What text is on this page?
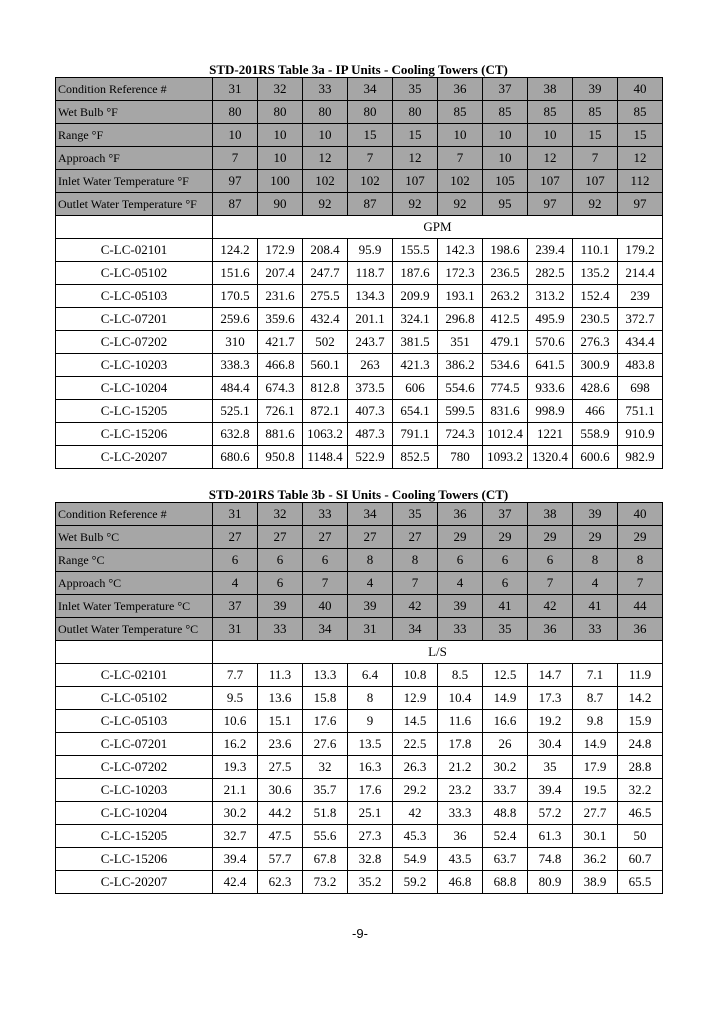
STD-201RS Table 3a - IP Units - Cooling Towers (CT)
Condition Reference #	31	32	33	34	35	36	37	38	39	40
Wet Bulb °F	80	80	80	80	80	85	85	85	85	85
Range °F	10	10	10	15	15	10	10	10	15	15
Approach °F	7	10	12	7	12	7	10	12	7	12
Inlet Water Temperature °F	97	100	102	102	107	102	105	107	107	112
Outlet Water Temperature °F	87	90	92	87	92	92	95	97	92	97
	GPM									
C-LC-02101	124.2	172.9	208.4	95.9	155.5	142.3	198.6	239.4	110.1	179.2
C-LC-05102	151.6	207.4	247.7	118.7	187.6	172.3	236.5	282.5	135.2	214.4
C-LC-05103	170.5	231.6	275.5	134.3	209.9	193.1	263.2	313.2	152.4	239
C-LC-07201	259.6	359.6	432.4	201.1	324.1	296.8	412.5	495.9	230.5	372.7
C-LC-07202	310	421.7	502	243.7	381.5	351	479.1	570.6	276.3	434.4
C-LC-10203	338.3	466.8	560.1	263	421.3	386.2	534.6	641.5	300.9	483.8
C-LC-10204	484.4	674.3	812.8	373.5	606	554.6	774.5	933.6	428.6	698
C-LC-15205	525.1	726.1	872.1	407.3	654.1	599.5	831.6	998.9	466	751.1
C-LC-15206	632.8	881.6	1063.2	487.3	791.1	724.3	1012.4	1221	558.9	910.9
C-LC-20207	680.6	950.8	1148.4	522.9	852.5	780	1093.2	1320.4	600.6	982.9
STD-201RS Table 3b - SI Units - Cooling Towers (CT)
Condition Reference #	31	32	33	34	35	36	37	38	39	40
Wet Bulb °C	27	27	27	27	27	29	29	29	29	29
Range °C	6	6	6	8	8	6	6	6	8	8
Approach °C	4	6	7	4	7	4	6	7	4	7
Inlet Water Temperature °C	37	39	40	39	42	39	41	42	41	44
Outlet Water Temperature °C	31	33	34	31	34	33	35	36	33	36
	L/S									
C-LC-02101	7.7	11.3	13.3	6.4	10.8	8.5	12.5	14.7	7.1	11.9
C-LC-05102	9.5	13.6	15.8	8	12.9	10.4	14.9	17.3	8.7	14.2
C-LC-05103	10.6	15.1	17.6	9	14.5	11.6	16.6	19.2	9.8	15.9
C-LC-07201	16.2	23.6	27.6	13.5	22.5	17.8	26	30.4	14.9	24.8
C-LC-07202	19.3	27.5	32	16.3	26.3	21.2	30.2	35	17.9	28.8
C-LC-10203	21.1	30.6	35.7	17.6	29.2	23.2	33.7	39.4	19.5	32.2
C-LC-10204	30.2	44.2	51.8	25.1	42	33.3	48.8	57.2	27.7	46.5
C-LC-15205	32.7	47.5	55.6	27.3	45.3	36	52.4	61.3	30.1	50
C-LC-15206	39.4	57.7	67.8	32.8	54.9	43.5	63.7	74.8	36.2	60.7
C-LC-20207	42.4	62.3	73.2	35.2	59.2	46.8	68.8	80.9	38.9	65.5
-9-
